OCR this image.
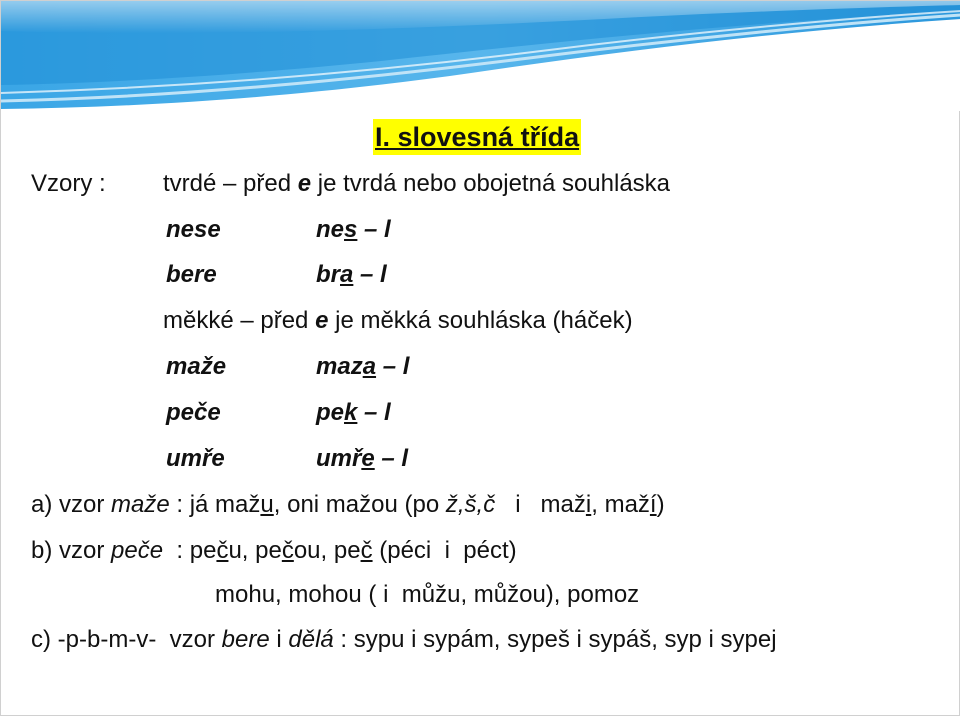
I. slovesná třída
Vzory : tvrdé – před e je tvrdá nebo obojetná souhláska
nese	nes – l
bere	bra – l
měkké – před e je měkká souhláska (háček)
maže	maza – l
peče	pek – l
umře	umře – l
a) vzor maže : já mažu, oni mažou (po ž,š,č   i   maži, maží)
b) vzor peče  : peču, pečou, peč (péci  i  péct)
mohu, mohou ( i  můžu, můžou), pomoz
c) -p-b-m-v-  vzor bere i dělá : sypu i sypám, sypeš i sypáš, syp i sypej
